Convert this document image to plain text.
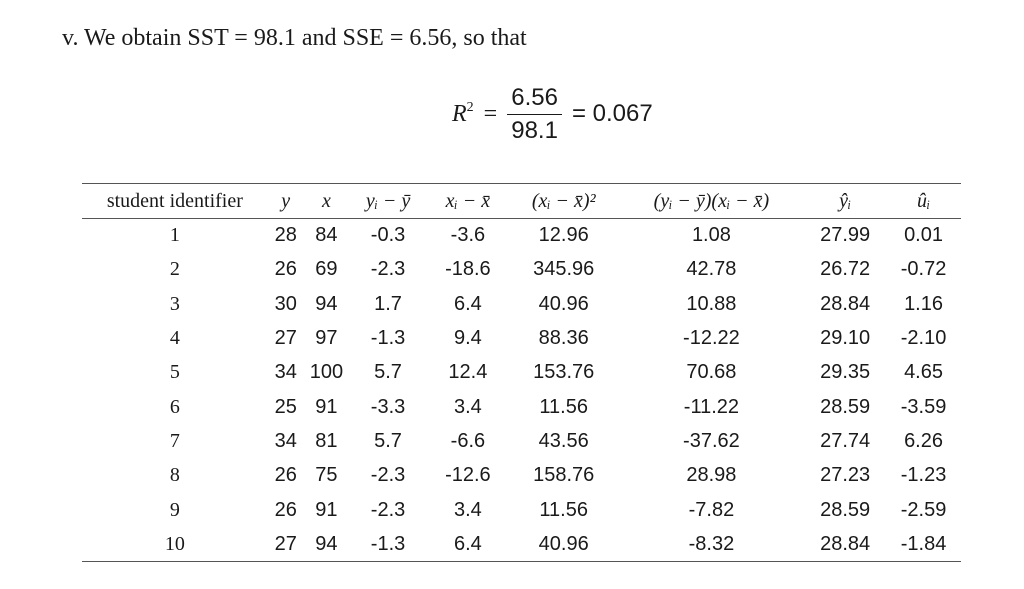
v. We obtain SST = 98.1 and SSE = 6.56, so that
$R^2 = \frac{6.56}{98.1} = 0.067$
student identifier	y	x	yᵢ − ȳ	xᵢ − x̄	(xᵢ − x̄)²	(yᵢ − ȳ)(xᵢ − x̄)	ŷᵢ	ûᵢ
1	28	84	-0.3	-3.6	12.96	1.08	27.99	0.01
2	26	69	-2.3	-18.6	345.96	42.78	26.72	-0.72
3	30	94	1.7	6.4	40.96	10.88	28.84	1.16
4	27	97	-1.3	9.4	88.36	-12.22	29.10	-2.10
5	34	100	5.7	12.4	153.76	70.68	29.35	4.65
6	25	91	-3.3	3.4	11.56	-11.22	28.59	-3.59
7	34	81	5.7	-6.6	43.56	-37.62	27.74	6.26
8	26	75	-2.3	-12.6	158.76	28.98	27.23	-1.23
9	26	91	-2.3	3.4	11.56	-7.82	28.59	-2.59
10	27	94	-1.3	6.4	40.96	-8.32	28.84	-1.84
